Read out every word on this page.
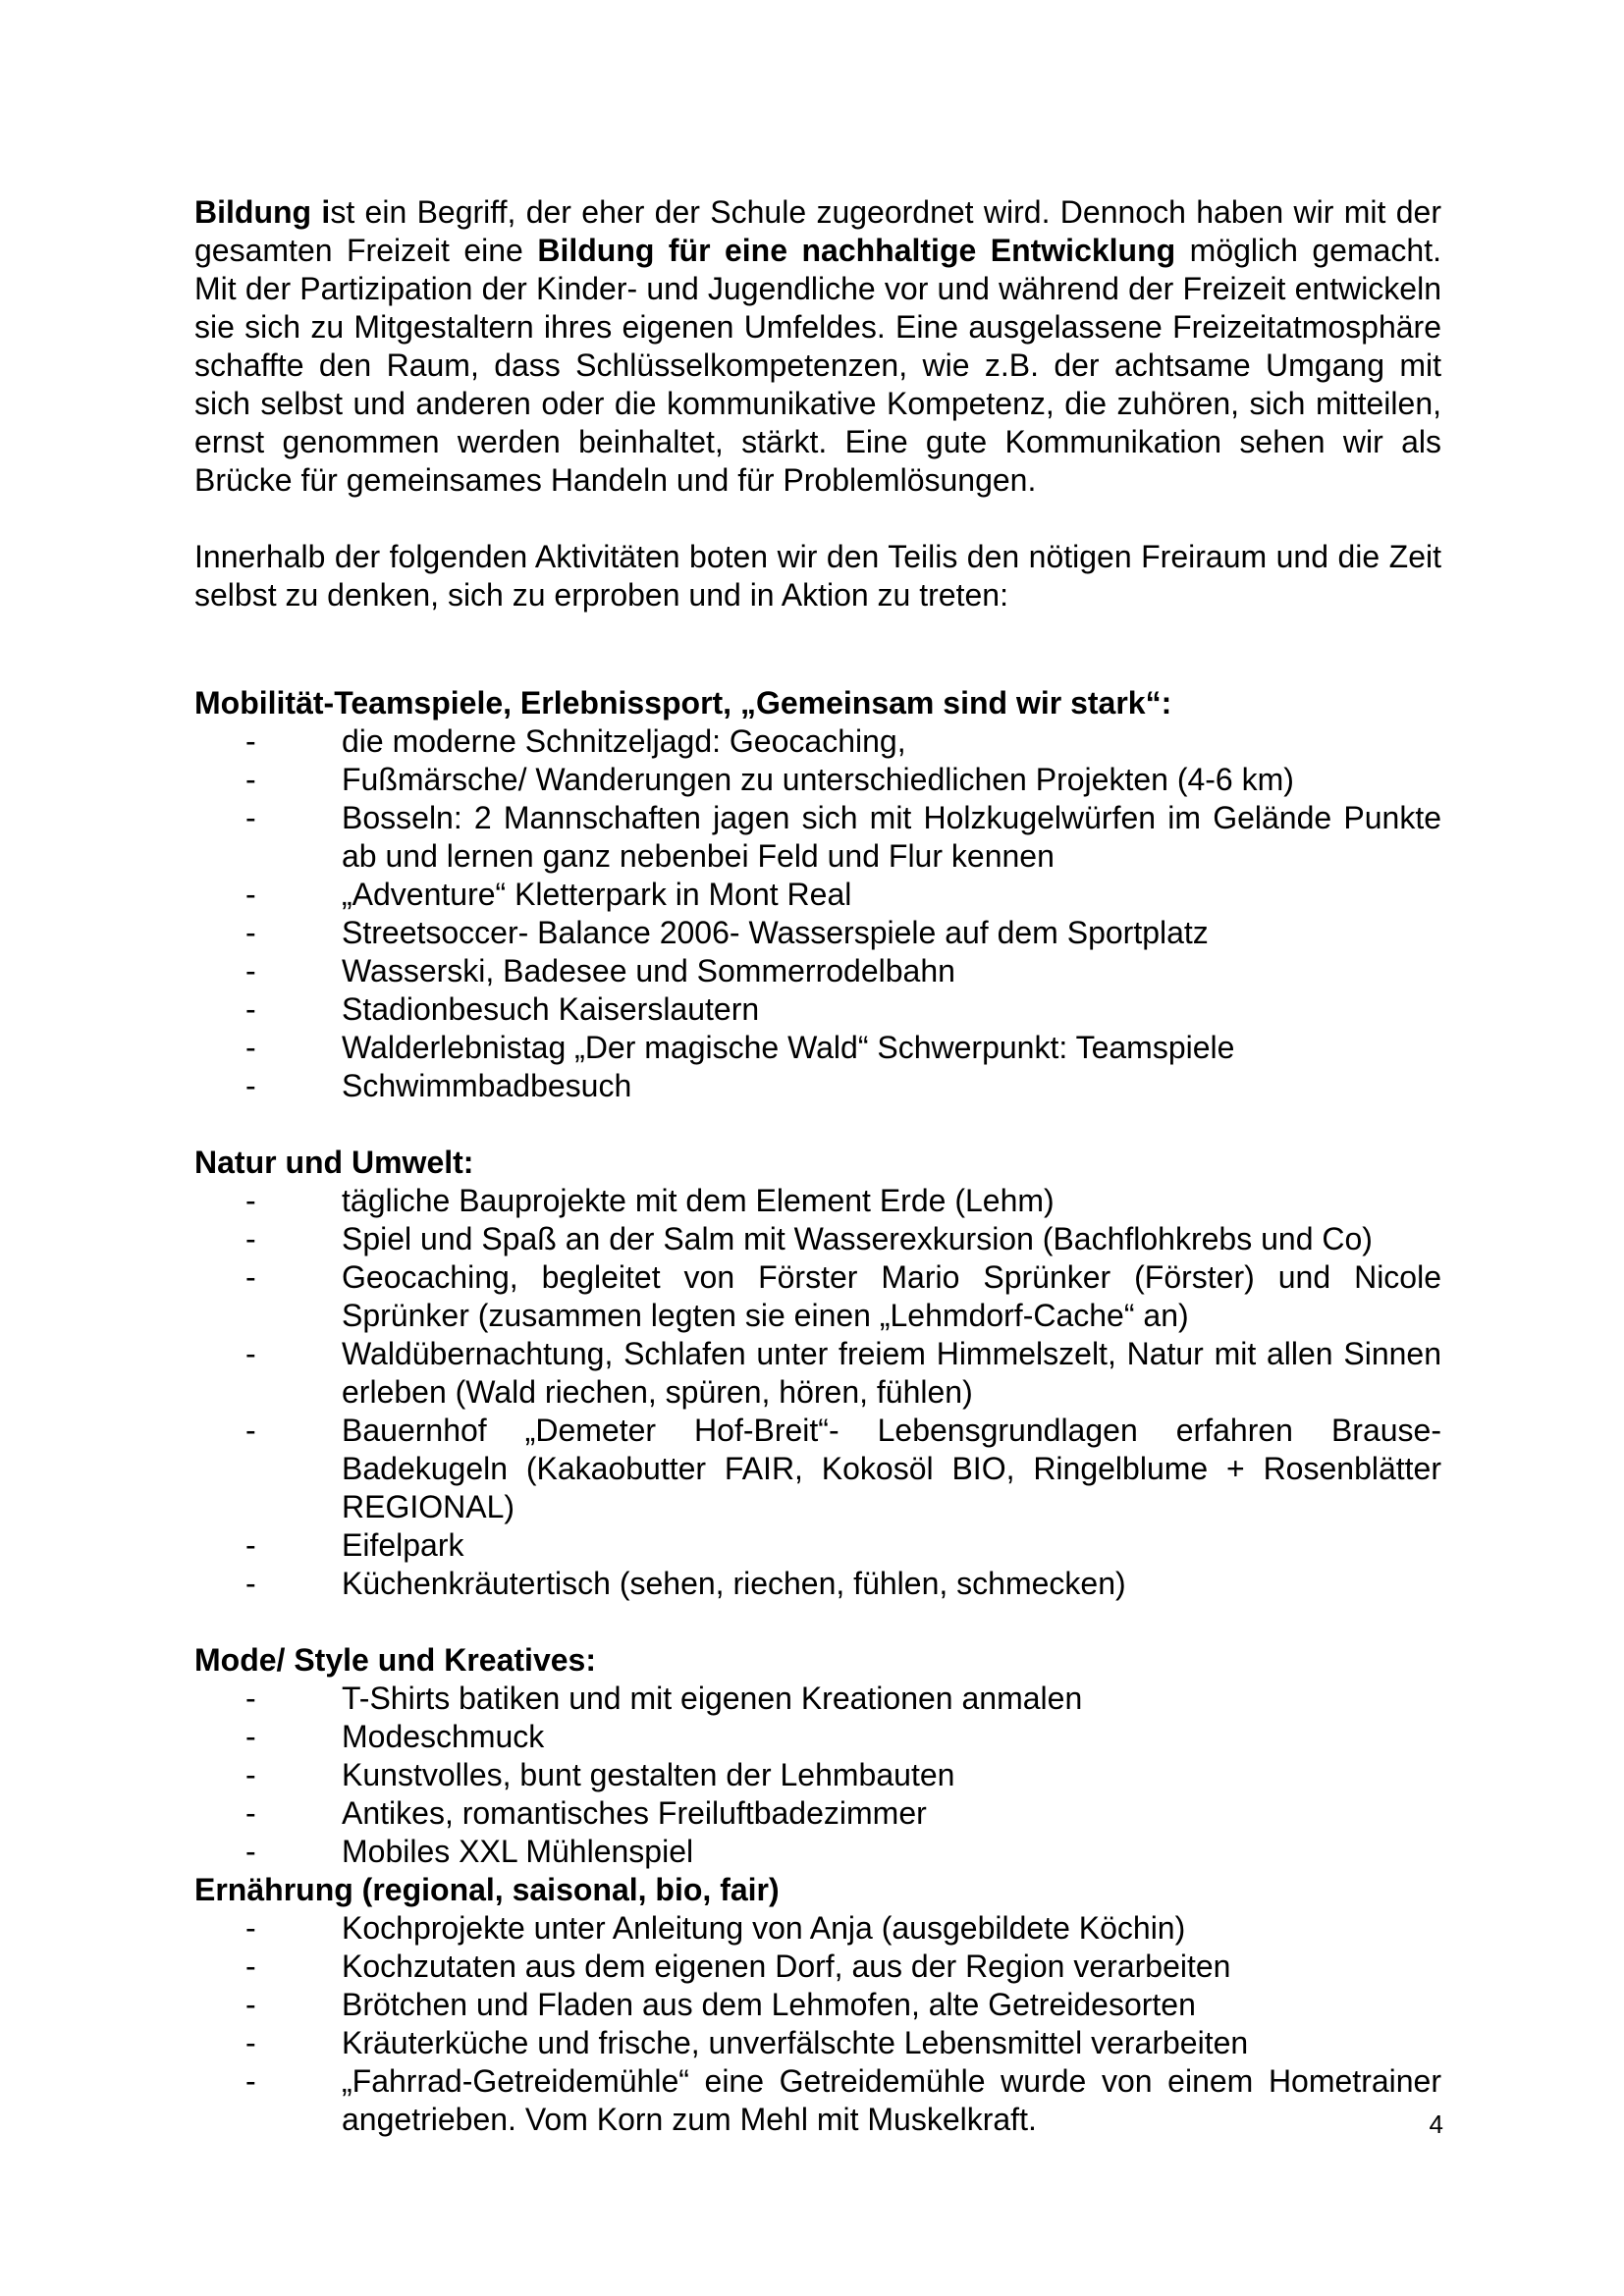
Bildung ist ein Begriff, der eher der Schule zugeordnet wird. Dennoch haben wir mit der gesamten Freizeit eine Bildung für eine nachhaltige Entwicklung möglich gemacht. Mit der Partizipation der Kinder- und Jugendliche vor und während der Freizeit entwickeln sie sich zu Mitgestaltern ihres eigenen Umfeldes. Eine ausgelassene Freizeitatmosphäre schaffte den Raum, dass Schlüsselkompetenzen, wie z.B. der achtsame Umgang mit sich selbst und anderen oder die kommunikative Kompetenz, die zuhören, sich mitteilen, ernst genommen werden beinhaltet, stärkt. Eine gute Kommunikation sehen wir als Brücke für gemeinsames Handeln und für Problemlösungen.

Innerhalb der folgenden Aktivitäten boten wir den Teilis den nötigen Freiraum und die Zeit selbst zu denken, sich zu erproben und in Aktion zu treten:

Mobilität-Teamspiele, Erlebnissport, „Gemeinsam sind wir stark“:
-	die moderne Schnitzeljagd: Geocaching,
-	Fußmärsche/ Wanderungen zu unterschiedlichen Projekten (4-6 km)
-	Bosseln: 2 Mannschaften jagen sich mit Holzkugelwürfen im Gelände Punkte ab und lernen ganz nebenbei Feld und Flur kennen
-	„Adventure“ Kletterpark in Mont Real
-	Streetsoccer- Balance 2006- Wasserspiele auf dem Sportplatz
-	Wasserski, Badesee und Sommerrodelbahn
-	Stadionbesuch Kaiserslautern
-	Walderlebnistag „Der magische Wald“ Schwerpunkt: Teamspiele
-	Schwimmbadbesuch
Natur und Umwelt:
-	tägliche Bauprojekte mit dem Element Erde (Lehm)
-	Spiel und Spaß an der Salm mit Wasserexkursion (Bachflohkrebs und Co)
-	Geocaching, begleitet von Förster Mario Sprünker (Förster) und Nicole Sprünker (zusammen legten sie einen „Lehmdorf-Cache“ an)
-	Waldübernachtung, Schlafen unter freiem Himmelszelt, Natur mit allen Sinnen erleben (Wald riechen, spüren, hören, fühlen)
-	Bauernhof „Demeter Hof-Breit“- Lebensgrundlagen erfahren Brause- Badekugeln (Kakaobutter FAIR, Kokosöl BIO, Ringelblume + Rosenblätter REGIONAL)
-	Eifelpark
-	Küchenkräutertisch (sehen, riechen, fühlen, schmecken)
Mode/ Style und Kreatives:
-	T-Shirts batiken und mit eigenen Kreationen anmalen
-	Modeschmuck
-	Kunstvolles, bunt gestalten der Lehmbauten
-	Antikes, romantisches Freiluftbadezimmer
-	Mobiles XXL Mühlenspiel
Ernährung (regional, saisonal, bio, fair)
-	Kochprojekte unter Anleitung von Anja (ausgebildete Köchin)
-	Kochzutaten aus dem eigenen Dorf, aus der Region verarbeiten
-	Brötchen und Fladen aus dem Lehmofen, alte Getreidesorten
-	Kräuterküche und frische, unverfälschte Lebensmittel verarbeiten
-	„Fahrrad-Getreidemühle“ eine Getreidemühle wurde von einem Hometrainer angetrieben. Vom Korn zum Mehl mit Muskelkraft.	4
